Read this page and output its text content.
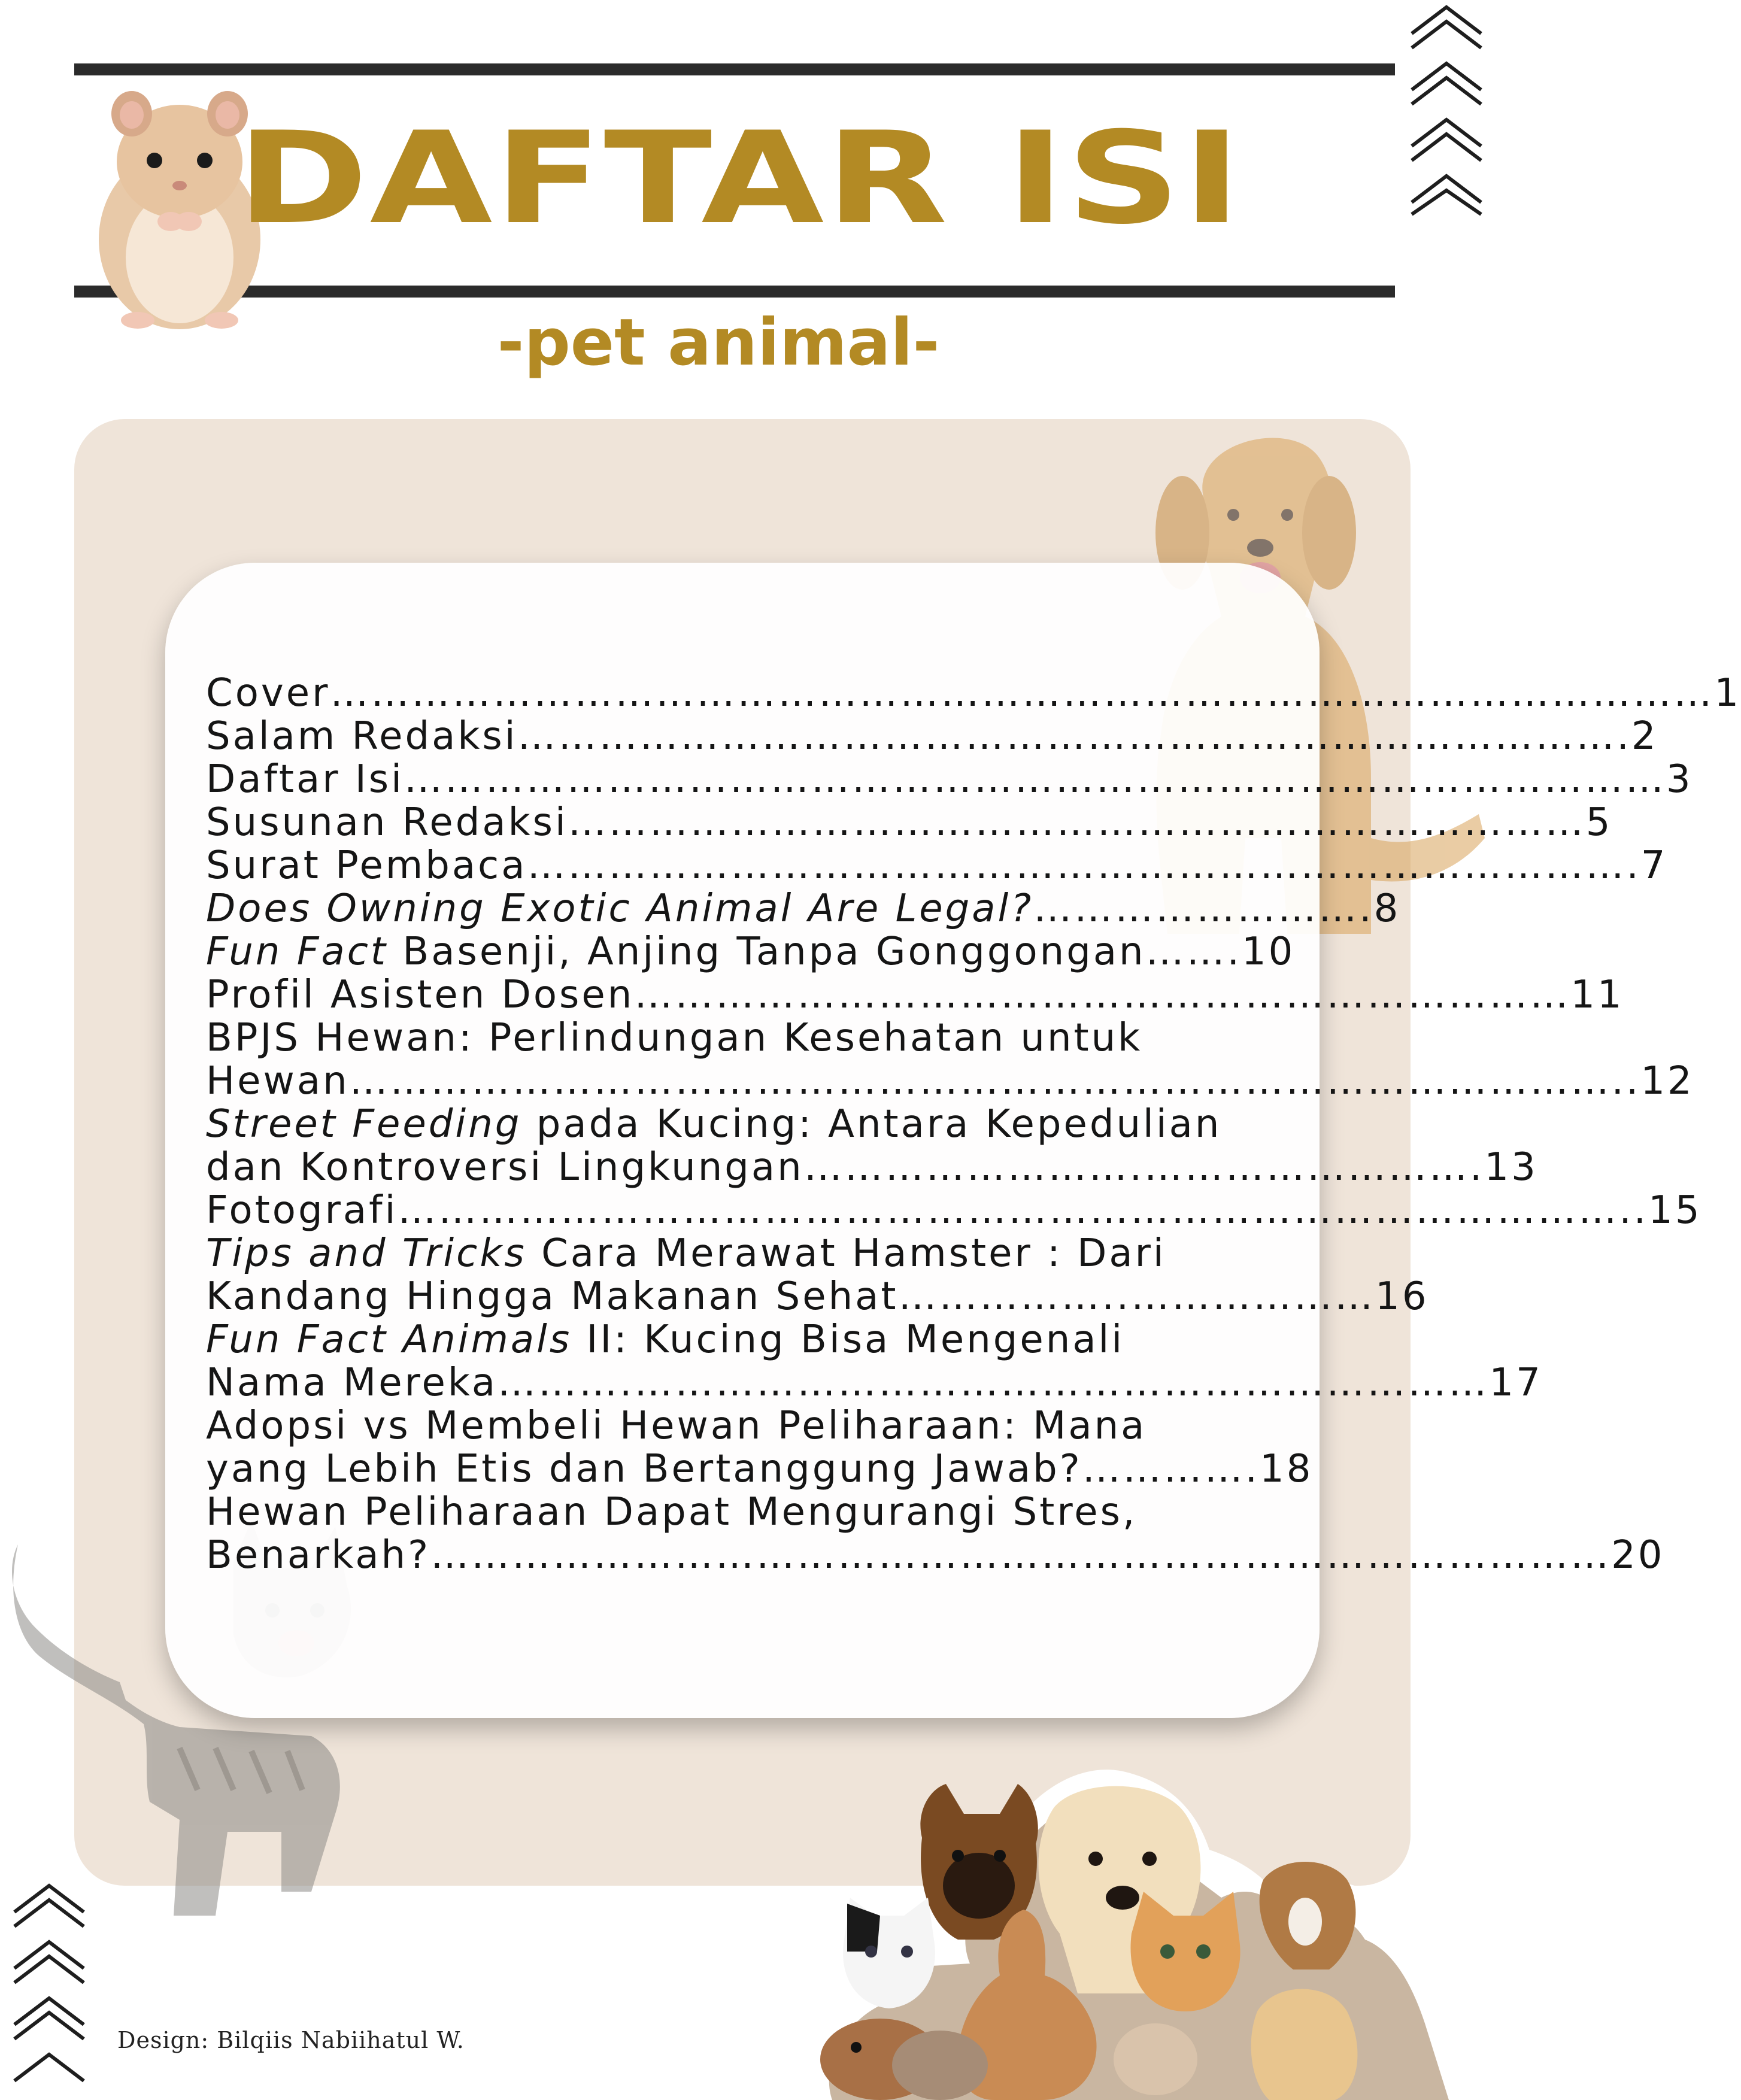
DAFTAR ISI
-pet animal-

Cover…………………………………………………………………………………………1

Salam Redaksi……………………………………………………………………….2

Daftar Isi…………………………………………………………………………………3

Susunan Redaksi…………………………………………………………………5

Surat Pembaca……………………………………………………………………….7

Does Owning Exotic Animal Are Legal?…………………….8

Fun Fact Basenji, Anjing Tanpa Gonggongan…….10

Profil Asisten Dosen……………………………………………………………11

BPJS Hewan: Perlindungan Kesehatan untuk

Hewan…………………………………………………………………………………..12

Street Feeding pada Kucing: Antara Kepedulian

dan Kontroversi Lingkungan…………………….…………………….13

Fotografi………………………………………………………………………………..15

Tips and Tricks Cara Merawat Hamster : Dari

Kandang Hingga Makanan Sehat……………..………………16

Fun Fact Animals II: Kucing Bisa Mengenali

Nama Mereka……….………………………………………………………17

Adopsi vs Membeli Hewan Peliharaan: Mana

yang Lebih Etis dan Bertanggung Jawab?………….18

Hewan Peliharaan Dapat Mengurangi Stres,

Benarkah?……………………………………………………………………………20

Design: Bilqiis Nabiihatul W.
